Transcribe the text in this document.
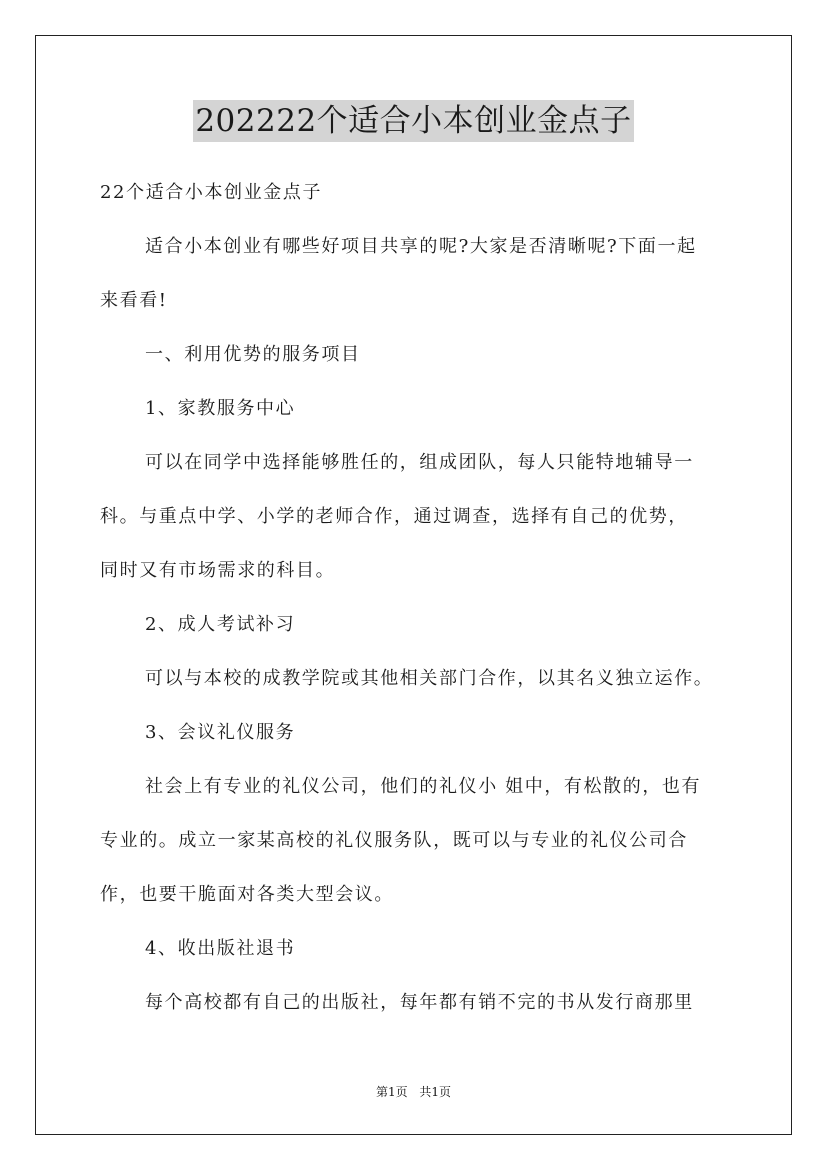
202222个适合小本创业金点子
22个适合小本创业金点子
适合小本创业有哪些好项目共享的呢?大家是否清晰呢?下面一起
来看看!
一、利用优势的服务项目
1、家教服务中心
可以在同学中选择能够胜任的，组成团队，每人只能特地辅导一
科。与重点中学、小学的老师合作，通过调查，选择有自己的优势，
同时又有市场需求的科目。
2、成人考试补习
可以与本校的成教学院或其他相关部门合作，以其名义独立运作。
3、会议礼仪服务
社会上有专业的礼仪公司，他们的礼仪小 姐中，有松散的，也有
专业的。成立一家某高校的礼仪服务队，既可以与专业的礼仪公司合
作，也要干脆面对各类大型会议。
4、收出版社退书
每个高校都有自己的出版社，每年都有销不完的书从发行商那里
第1页 共1页
